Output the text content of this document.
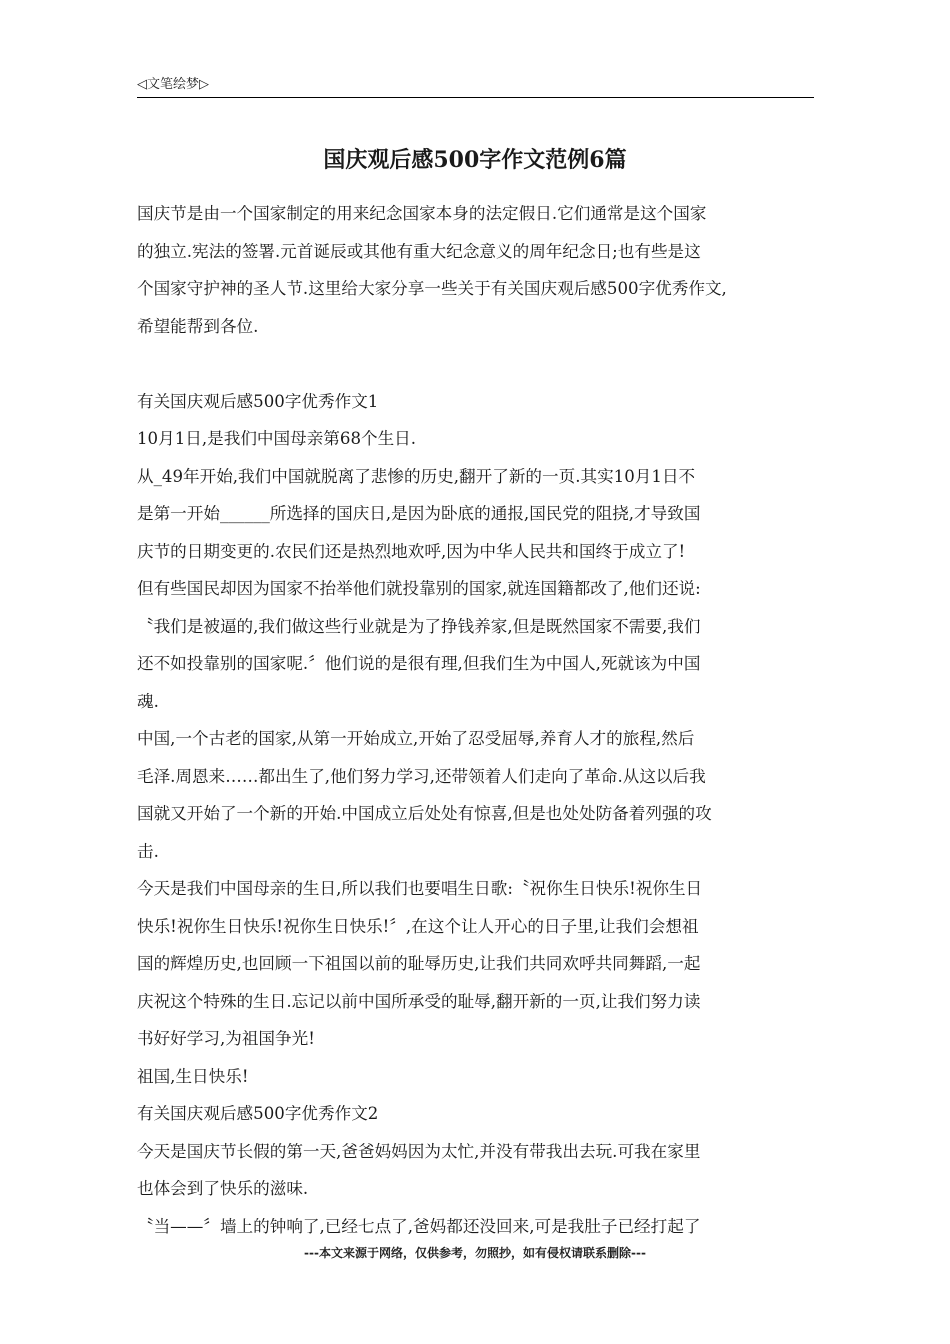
◁文笔绘梦▷
国庆观后感500字作文范例6篇
国庆节是由一个国家制定的用来纪念国家本身的法定假日.它们通常是这个国家
的独立.宪法的签署.元首诞辰或其他有重大纪念意义的周年纪念日;也有些是这
个国家守护神的圣人节.这里给大家分享一些关于有关国庆观后感500字优秀作文,
希望能帮到各位.
有关国庆观后感500字优秀作文1
10月1日,是我们中国母亲第68个生日.
从_49年开始,我们中国就脱离了悲惨的历史,翻开了新的一页.其实10月1日不
是第一开始______所选择的国庆日,是因为卧底的通报,国民党的阻挠,才导致国
庆节的日期变更的.农民们还是热烈地欢呼,因为中华人民共和国终于成立了!
但有些国民却因为国家不抬举他们就投靠别的国家,就连国籍都改了,他们还说:
〝我们是被逼的,我们做这些行业就是为了挣钱养家,但是既然国家不需要,我们
还不如投靠别的国家呢.〞他们说的是很有理,但我们生为中国人,死就该为中国
魂.
中国,一个古老的国家,从第一开始成立,开始了忍受屈辱,养育人才的旅程,然后
毛泽.周恩来……都出生了,他们努力学习,还带领着人们走向了革命.从这以后我
国就又开始了一个新的开始.中国成立后处处有惊喜,但是也处处防备着列强的攻
击.
今天是我们中国母亲的生日,所以我们也要唱生日歌:〝祝你生日快乐!祝你生日
快乐!祝你生日快乐!祝你生日快乐!〞,在这个让人开心的日子里,让我们会想祖
国的辉煌历史,也回顾一下祖国以前的耻辱历史,让我们共同欢呼共同舞蹈,一起
庆祝这个特殊的生日.忘记以前中国所承受的耻辱,翻开新的一页,让我们努力读
书好好学习,为祖国争光!
祖国,生日快乐!
有关国庆观后感500字优秀作文2
今天是国庆节长假的第一天,爸爸妈妈因为太忙,并没有带我出去玩.可我在家里
也体会到了快乐的滋味.
〝当——〞墙上的钟响了,已经七点了,爸妈都还没回来,可是我肚子已经打起了
---本文来源于网络，仅供参考，勿照抄，如有侵权请联系删除---
